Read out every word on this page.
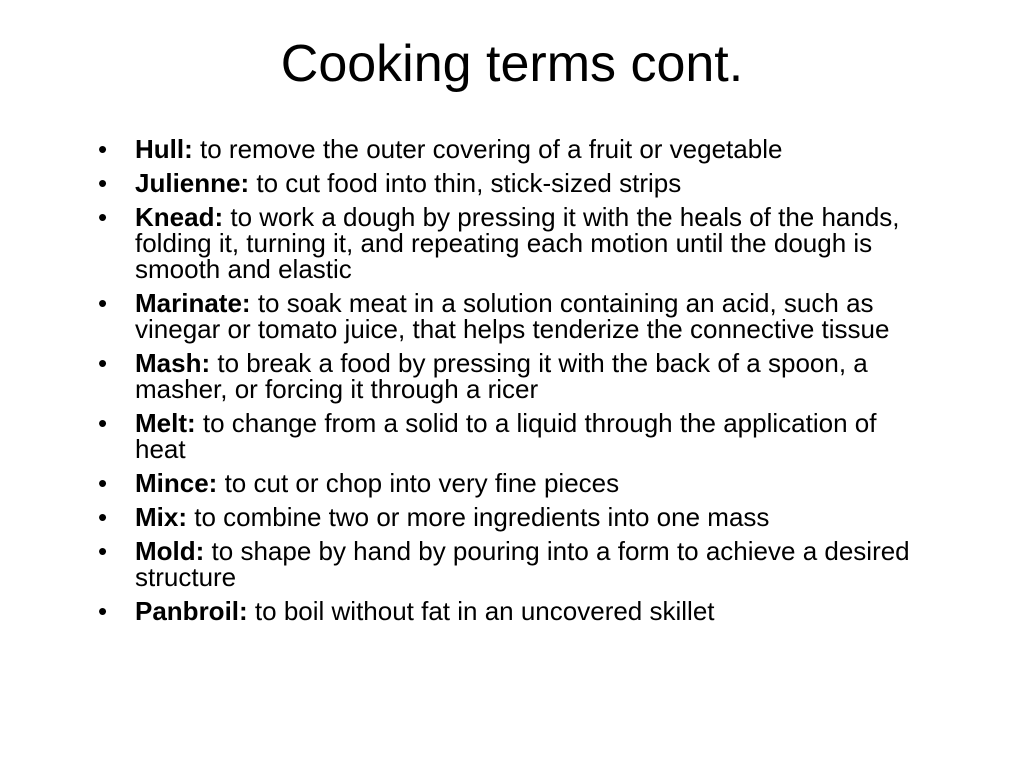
Cooking terms cont.
•	Hull: to remove the outer covering of a fruit or vegetable
•	Julienne: to cut food into thin, stick-sized strips
•	Knead: to work a dough by pressing it with the heals of the hands, folding it, turning it, and repeating each motion until the dough is smooth and elastic
•	Marinate: to soak meat in a solution containing an acid, such as vinegar or tomato juice, that helps tenderize the connective tissue
•	Mash: to break a food by pressing it with the back of a spoon, a masher, or forcing it through a ricer
•	Melt: to change from a solid to a liquid through the application of heat
•	Mince: to cut or chop into very fine pieces
•	Mix: to combine two or more ingredients into one mass
•	Mold: to shape by hand by pouring into a form to achieve a desired structure
•	Panbroil: to boil without fat in an uncovered skillet
